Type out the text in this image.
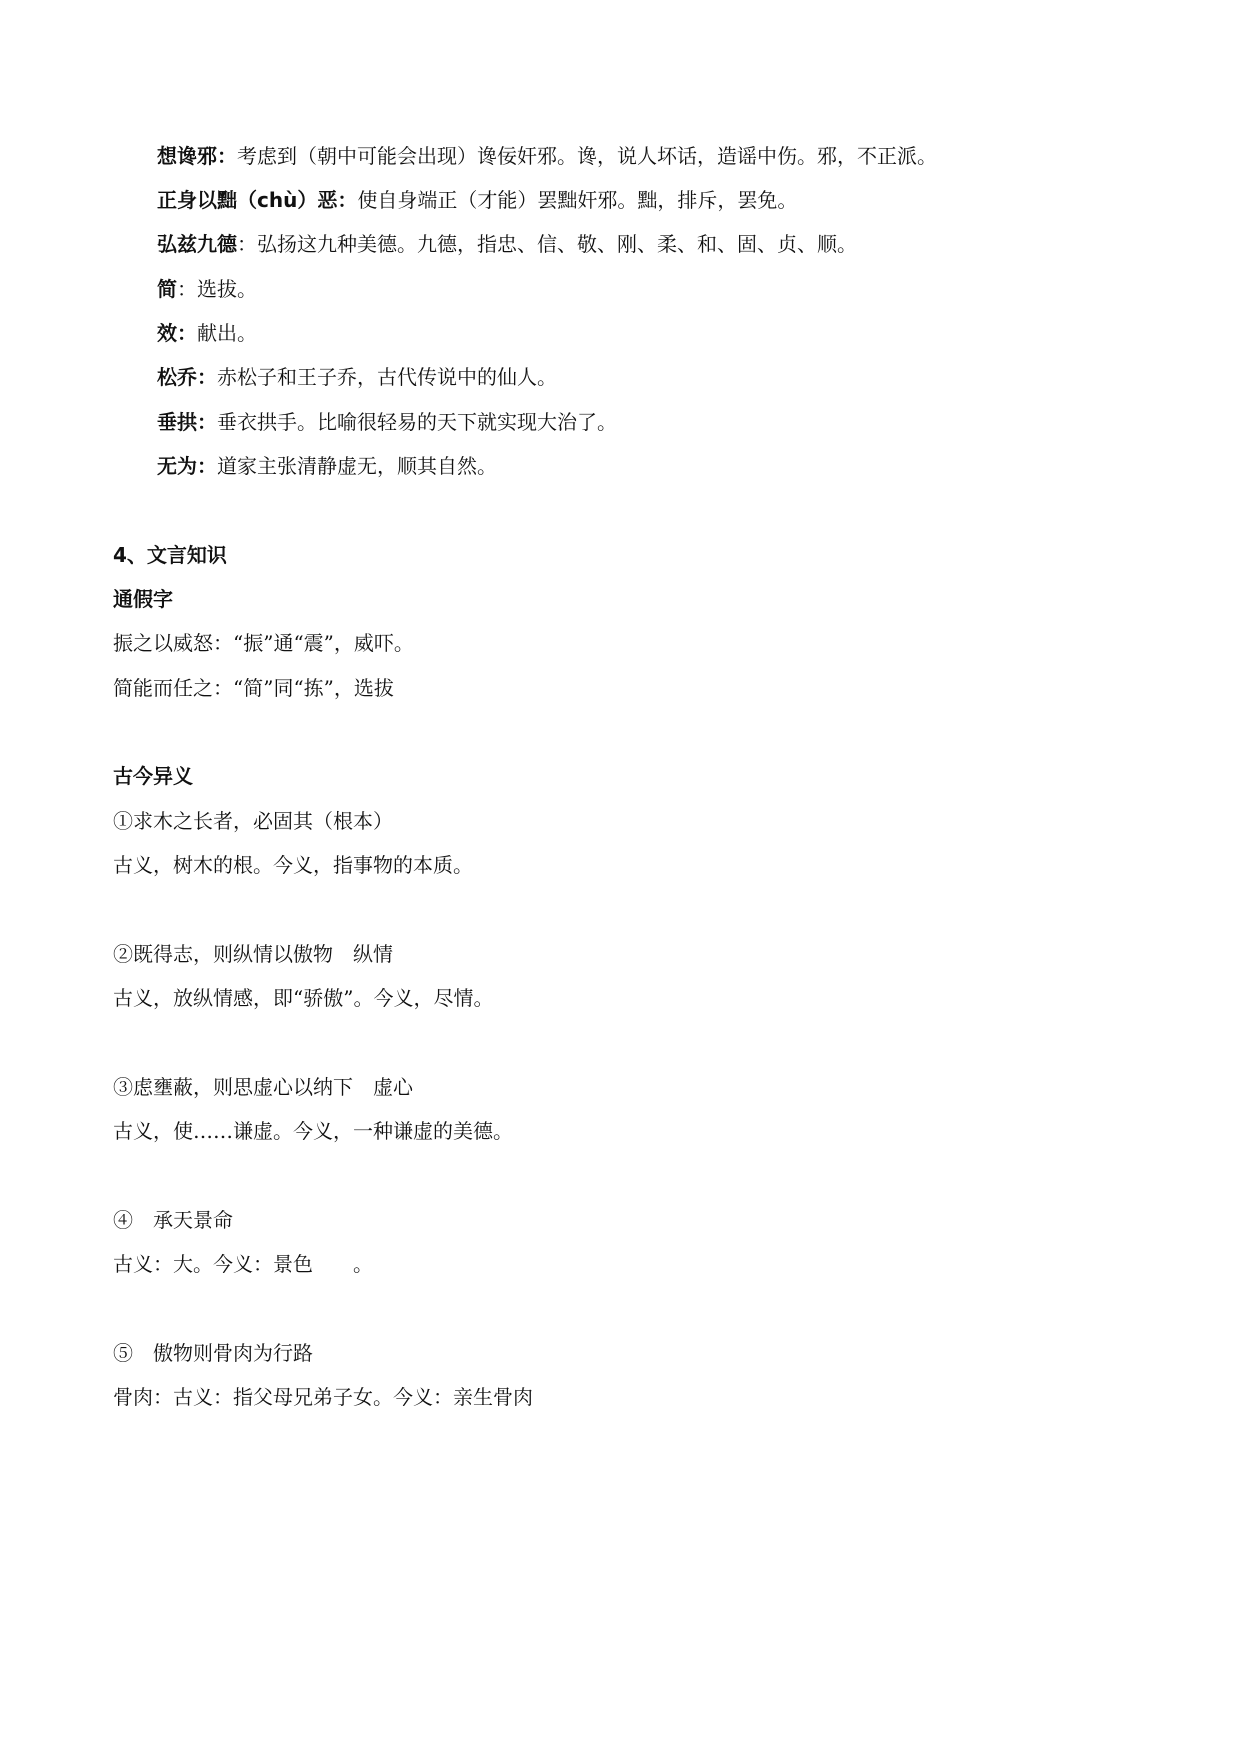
想谗邪：考虑到（朝中可能会出现）谗佞奸邪。谗，说人坏话，造谣中伤。邪，不正派。
正身以黜（chù）恶：使自身端正（才能）罢黜奸邪。黜，排斥，罢免。
弘兹九德：弘扬这九种美德。九德，指忠、信、敬、刚、柔、和、固、贞、顺。
简：选拔。
效：献出。
松乔：赤松子和王子乔，古代传说中的仙人。
垂拱：垂衣拱手。比喻很轻易的天下就实现大治了。
无为：道家主张清静虚无，顺其自然。
4、文言知识
通假字
振之以威怒：“振”通“震”，威吓。
简能而任之：“简”同“拣”，选拔
古今异义
①求木之长者，必固其（根本）
古义，树木的根。今义，指事物的本质。
②既得志，则纵情以傲物　纵情
古义，放纵情感，即“骄傲”。今义，尽情。
③虑壅蔽，则思虚心以纳下　虚心
古义，使……谦虚。今义，一种谦虚的美德。
④　承天景命
古义：大。今义：景色　　。
⑤　傲物则骨肉为行路
骨肉：古义：指父母兄弟子女。今义：亲生骨肉
